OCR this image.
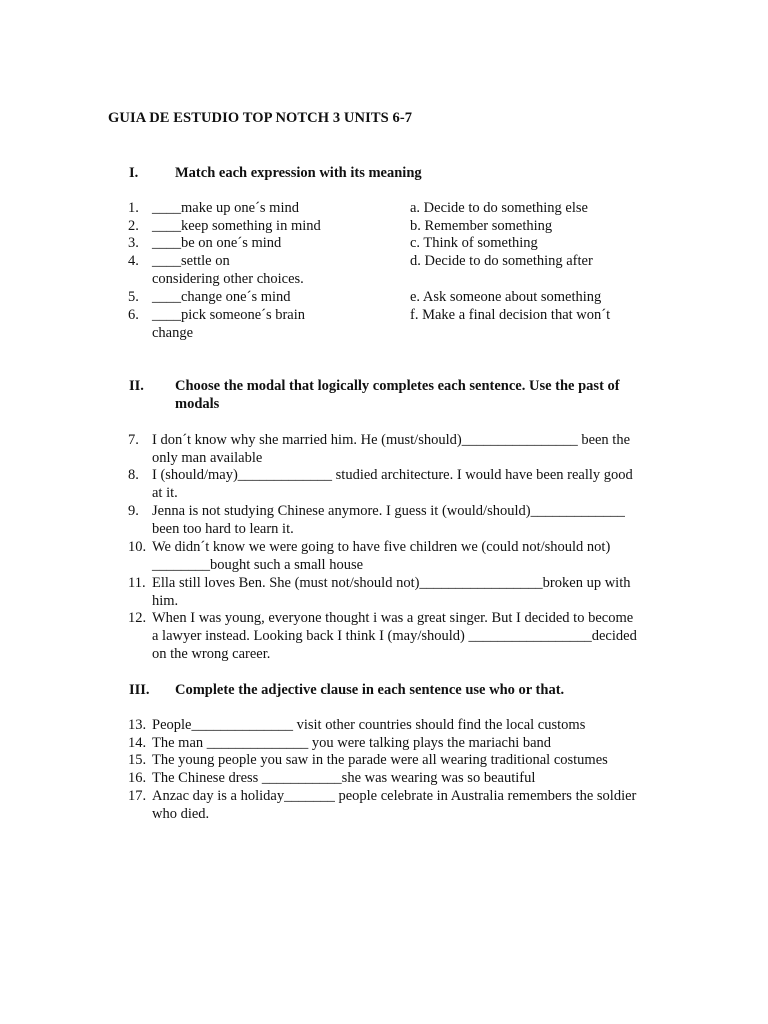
GUIA DE ESTUDIO TOP NOTCH 3 UNITS 6-7
I.	Match each expression with its meaning
1. ____make up one´s mind
2. ____keep something in mind
3. ____be on one´s mind
4. ____settle on
considering other choices.
5. ____change one´s mind
6. ____pick someone´s brain
change
a. Decide to do something else
b. Remember something
c. Think of something
d. Decide to do something after
e. Ask someone about something
f. Make a final decision that won´t
II. Choose the modal that logically completes each sentence. Use the past of
modals
7. I don´t know why she married him. He (must/should)________________ been the
only man available
8. I (should/may)_____________ studied architecture. I would have been really good
at it.
9. Jenna is not studying Chinese anymore. I guess it (would/should)_____________
been too hard to learn it.
10. We didn´t know we were going to have five children we (could not/should not)
________bought such a small house
11. Ella still loves Ben. She (must not/should not)_________________broken up with
him.
12. When I was young, everyone thought i was a great singer. But I decided to become
a lawyer instead. Looking back I think I (may/should) _________________decided
on the wrong career.
III. Complete the adjective clause in each sentence use who or that.
13. People______________ visit other countries should find the local customs
14. The man ______________ you were talking plays the mariachi band
15. The young people you saw in the parade were all wearing traditional costumes
16. The Chinese dress ___________she was wearing was so beautiful
17. Anzac day is a holiday_______ people celebrate in Australia remembers the soldier
who died.
